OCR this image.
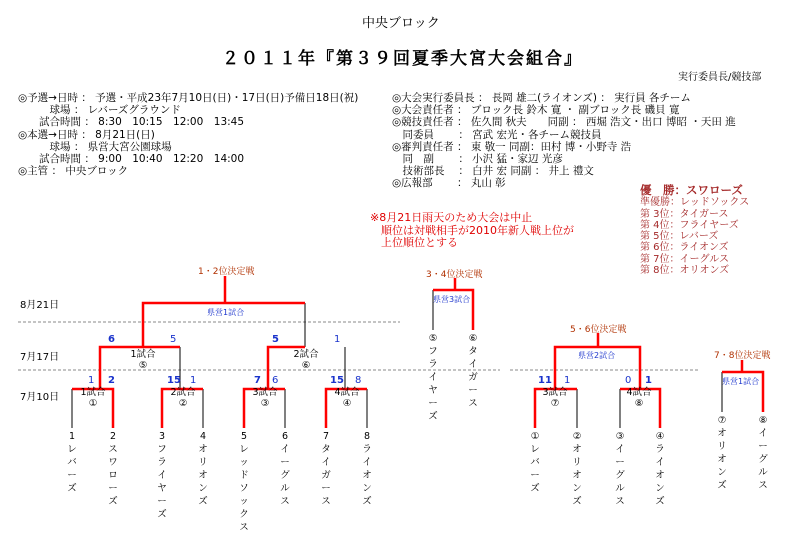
中央ブロック
２０１１年『第３９回夏季大宮大会組合』
実行委員長/競技部
◎予選→日時 ： 予選・平成23年7月10日(日)・17日(日)予備日18日(祝)
　　　球場 ： レバーズグラウンド
　　試合時間 ： 8:30　10:15　12:00　13:45
◎本選→日時 ： 8月21日(日)
　　　球場 ： 県営大宮公園球場
　　試合時間 ： 9:00　10:40　12:20　14:00
◎主管 ： 中央ブロック
◎大会実行委員長 ： 長岡 雄二(ライオンズ) ： 実行員 各チーム
◎大会責任者 ： ブロック長 鈴木 寛 ・ 副ブロック長 磯貝 寛
◎競技責任者 ： 佐久間 秋夫　　同副 ： 西堀 浩文・出口 博昭 ・天田 進
　同委員　　 ： 宮武 宏光・各チーム競技員
◎審判責任者 ： 東 敬一 同副：田村 博・小野寺 浩
　同　副　　 ： 小沢 猛・家辺 光彦
　技術部長　 ： 白井 宏 同副 ： 井上 禮文
◎広報部　　 ： 丸山 彰
※8月21日雨天のため大会は中止
　順位は対戦相手が2010年新人戦上位が
　上位順位とする
優　勝：スワローズ
準優勝：レッドソックス
第 3位：タイガース
第 4位：フライヤーズ
第 5位：レバーズ
第 6位：ライオンズ
第 7位：イーグルス
第 8位：オリオンズ
8月21日
7月17日
7月10日
1・2位決定戦
県営1試合
1試合
⑤
6	5
2試合
⑥
5	1
1試合
①
1 2
2試合
②
15 1
3試合
③
7 6
4試合
④
15 8
1
レ
バ
ー
ズ
2
ス
ワ
ロ
ー
ズ
3
フ
ラ
イ
ヤ
ー
ズ
4
オ
リ
オ
ン
ズ
5
レ
ッ
ド
ソ
ッ
ク
ス
6
イ
ー
グ
ル
ス
7
タ
イ
ガ
ー
ス
8
ラ
イ
オ
ン
ズ
3・4位決定戦
県営3試合
⑤
フ
ラ
イ
ヤ
ー
ズ
⑥
タ
イ
ガ
ー
ス
5・6位決定戦
県営2試合
3試合
⑦
11 1
4試合
⑧
0 1
①
レ
バ
ー
ズ
②
オ
リ
オ
ン
ズ
③
イ
ー
グ
ル
ス
④
ラ
イ
オ
ン
ズ
7・8位決定戦
県営1試合
⑦
オ
リ
オ
ン
ズ
⑧
イ
ー
グ
ル
ス
